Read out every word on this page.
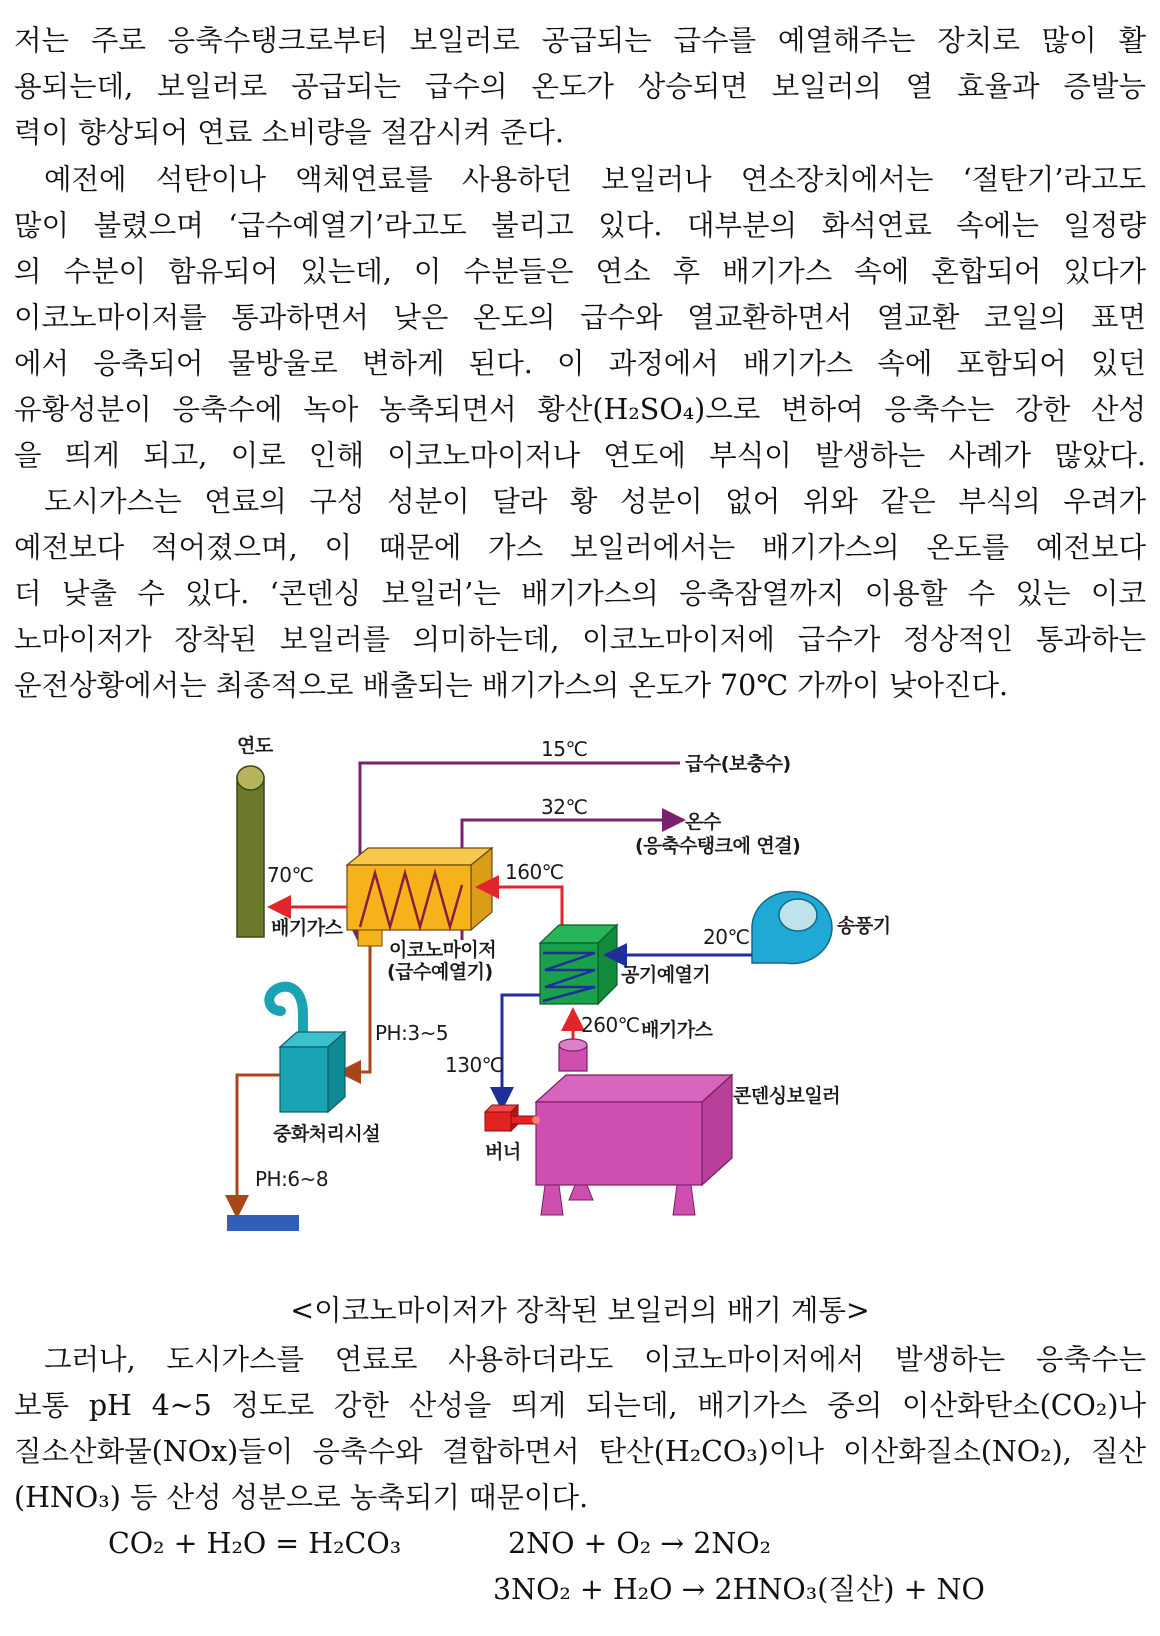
저는 주로 응축수탱크로부터 보일러로 공급되는 급수를 예열해주는 장치로 많이 활
용되는데, 보일러로 공급되는 급수의 온도가 상승되면 보일러의 열 효율과 증발능
력이 향상되어 연료 소비량을 절감시켜 준다.
예전에 석탄이나 액체연료를 사용하던 보일러나 연소장치에서는 ‘절탄기’라고도
많이 불렸으며 ‘급수예열기’라고도 불리고 있다. 대부분의 화석연료 속에는 일정량
의 수분이 함유되어 있는데, 이 수분들은 연소 후 배기가스 속에 혼합되어 있다가
이코노마이저를 통과하면서 낮은 온도의 급수와 열교환하면서 열교환 코일의 표면
에서 응축되어 물방울로 변하게 된다. 이 과정에서 배기가스 속에 포함되어 있던
유황성분이 응축수에 녹아 농축되면서 황산(H₂SO₄)으로 변하여 응축수는 강한 산성
을 띄게 되고, 이로 인해 이코노마이저나 연도에 부식이 발생하는 사례가 많았다.
도시가스는 연료의 구성 성분이 달라 황 성분이 없어 위와 같은 부식의 우려가
예전보다 적어졌으며, 이 때문에 가스 보일러에서는 배기가스의 온도를 예전보다
더 낮출 수 있다. ‘콘덴싱 보일러’는 배기가스의 응축잠열까지 이용할 수 있는 이코
노마이저가 장착된 보일러를 의미하는데, 이코노마이저에 급수가 정상적인 통과하는
운전상황에서는 최종적으로 배출되는 배기가스의 온도가 70℃ 가까이 낮아진다.
연도	15℃
급수(보충수)
32℃
온수
(응축수탱크에 연결)
70℃
배기가스
160℃
이코노마이저
(급수예열기)
20℃	송풍기
공기예열기
260℃ 배기가스
PH:3~5
130℃
중화처리시설
버너
콘덴싱보일러
PH:6~8
<이코노마이저가 장착된 보일러의 배기 계통>
그러나, 도시가스를 연료로 사용하더라도 이코노마이저에서 발생하는 응축수는
보통 pH 4~5 정도로 강한 산성을 띄게 되는데, 배기가스 중의 이산화탄소(CO₂)나
질소산화물(NOx)들이 응축수와 결합하면서 탄산(H₂CO₃)이나 이산화질소(NO₂), 질산
(HNO₃) 등 산성 성분으로 농축되기 때문이다.
CO₂ + H₂O = H₂CO₃	2NO + O₂ → 2NO₂
3NO₂ + H₂O → 2HNO₃(질산) + NO
